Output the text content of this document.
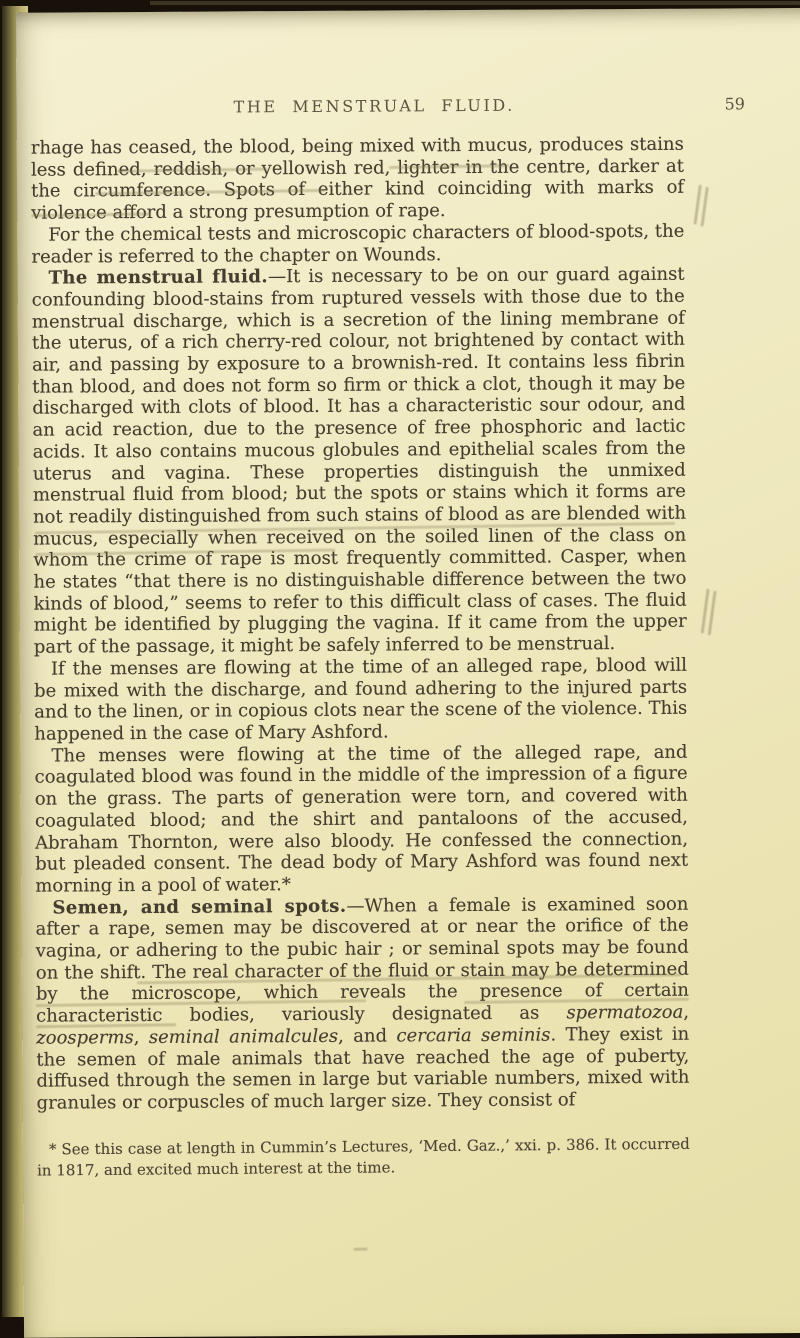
THE MENSTRUAL FLUID.	59

rhage has ceased, the blood, being mixed with mucus, produces stains less defined, reddish, or yellowish red, lighter in the centre, darker at the circumference. Spots of either kind coinciding with marks of violence afford a strong presumption of rape.

For the chemical tests and microscopic characters of blood-spots, the reader is referred to the chapter on Wounds.

The menstrual fluid.—It is necessary to be on our guard against confounding blood-stains from ruptured vessels with those due to the menstrual discharge, which is a secretion of the lining membrane of the uterus, of a rich cherry-red colour, not brightened by contact with air, and passing by exposure to a brownish-red. It contains less fibrin than blood, and does not form so firm or thick a clot, though it may be discharged with clots of blood. It has a characteristic sour odour, and an acid reaction, due to the presence of free phosphoric and lactic acids. It also contains mucous globules and epithelial scales from the uterus and vagina. These properties distinguish the unmixed menstrual fluid from blood; but the spots or stains which it forms are not readily distinguished from such stains of blood as are blended with mucus, especially when received on the soiled linen of the class on whom the crime of rape is most frequently committed. Casper, when he states “that there is no distinguishable difference between the two kinds of blood,” seems to refer to this difficult class of cases. The fluid might be identified by plugging the vagina. If it came from the upper part of the passage, it might be safely inferred to be menstrual.

If the menses are flowing at the time of an alleged rape, blood will be mixed with the discharge, and found adhering to the injured parts and to the linen, or in copious clots near the scene of the violence. This happened in the case of Mary Ashford.

The menses were flowing at the time of the alleged rape, and coagulated blood was found in the middle of the impression of a figure on the grass. The parts of generation were torn, and covered with coagulated blood; and the shirt and pantaloons of the accused, Abraham Thornton, were also bloody. He confessed the connection, but pleaded consent. The dead body of Mary Ashford was found next morning in a pool of water.*

Semen, and seminal spots.—When a female is examined soon after a rape, semen may be discovered at or near the orifice of the vagina, or adhering to the pubic hair ; or seminal spots may be found on the shift. The real character of the fluid or stain may be determined by the microscope, which reveals the presence of certain characteristic bodies, variously designated as spermatozoa, zoosperms, seminal animalcules, and cercaria seminis. They exist in the semen of male animals that have reached the age of puberty, diffused through the semen in large but variable numbers, mixed with granules or corpuscles of much larger size. They consist of

* See this case at length in Cummin’s Lectures, ‘Med. Gaz.,’ xxi. p. 386. It occurred in 1817, and excited much interest at the time.
